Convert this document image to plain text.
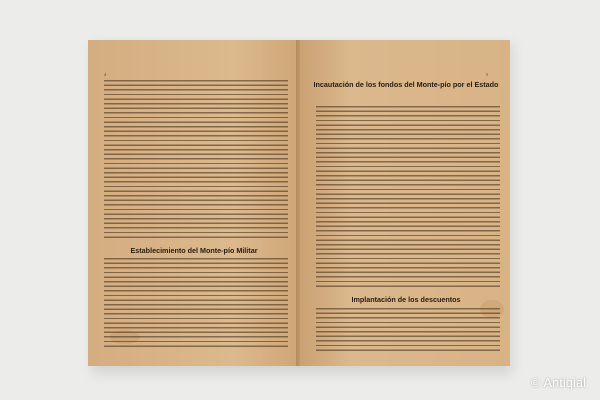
4	5
Establecimiento del Monte-pío Militar
Incautación de los fondos del Monte-pío por el Estado
Implantación de los descuentos
© Antiqial
